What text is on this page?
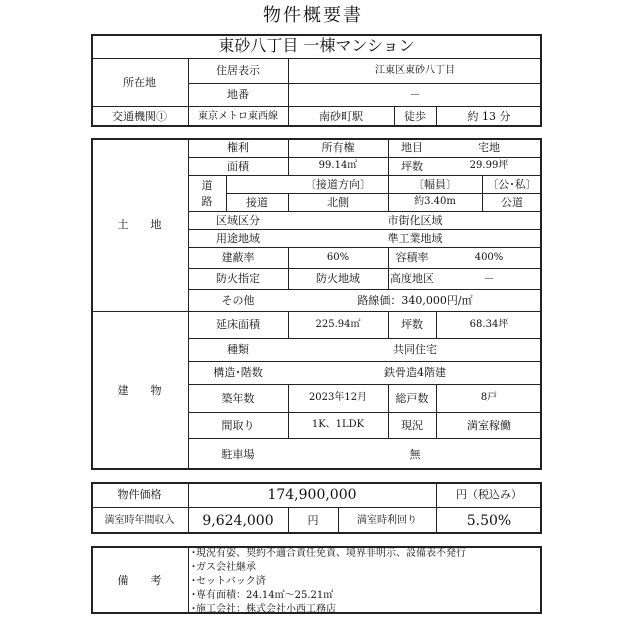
物件概要書
東砂八丁目 一棟マンション
所在地
住居表示	江東区東砂八丁目
地番	－
交通機関①	東京メトロ東西線	南砂町駅	徒歩	約 13 分
土　　地
権利	所有権	地目	宅地
面積	99.14㎡	坪数	29.99坪
道
路
〔接道方向〕	〔幅員〕	〔公･私〕
接道	北側	約3.40m	公道
区域区分	市街化区域
用途地域	準工業地域
建蔽率	60%	容積率	400%
防火指定	防火地域	高度地区	－
その他	路線価：340,000円/㎡
建　　物
延床面積	225.94㎡	坪数	68.34坪
種類	共同住宅
構造･階数	鉄骨造4階建
築年数	2023年12月	総戸数	8戸
間取り	1K、1LDK	現況	満室稼働
駐車場	無
物件価格	174,900,000	円（税込み）
満室時年間収入	9,624,000	円	満室時利回り	5.50%
備　　考
･現況有姿、契約不適合責任免責、境界非明示、設備表不発行
･ガス会社継承
･セットバック済
･専有面積：24.14㎡～25.21㎡
･施工会社：株式会社小西工務店
